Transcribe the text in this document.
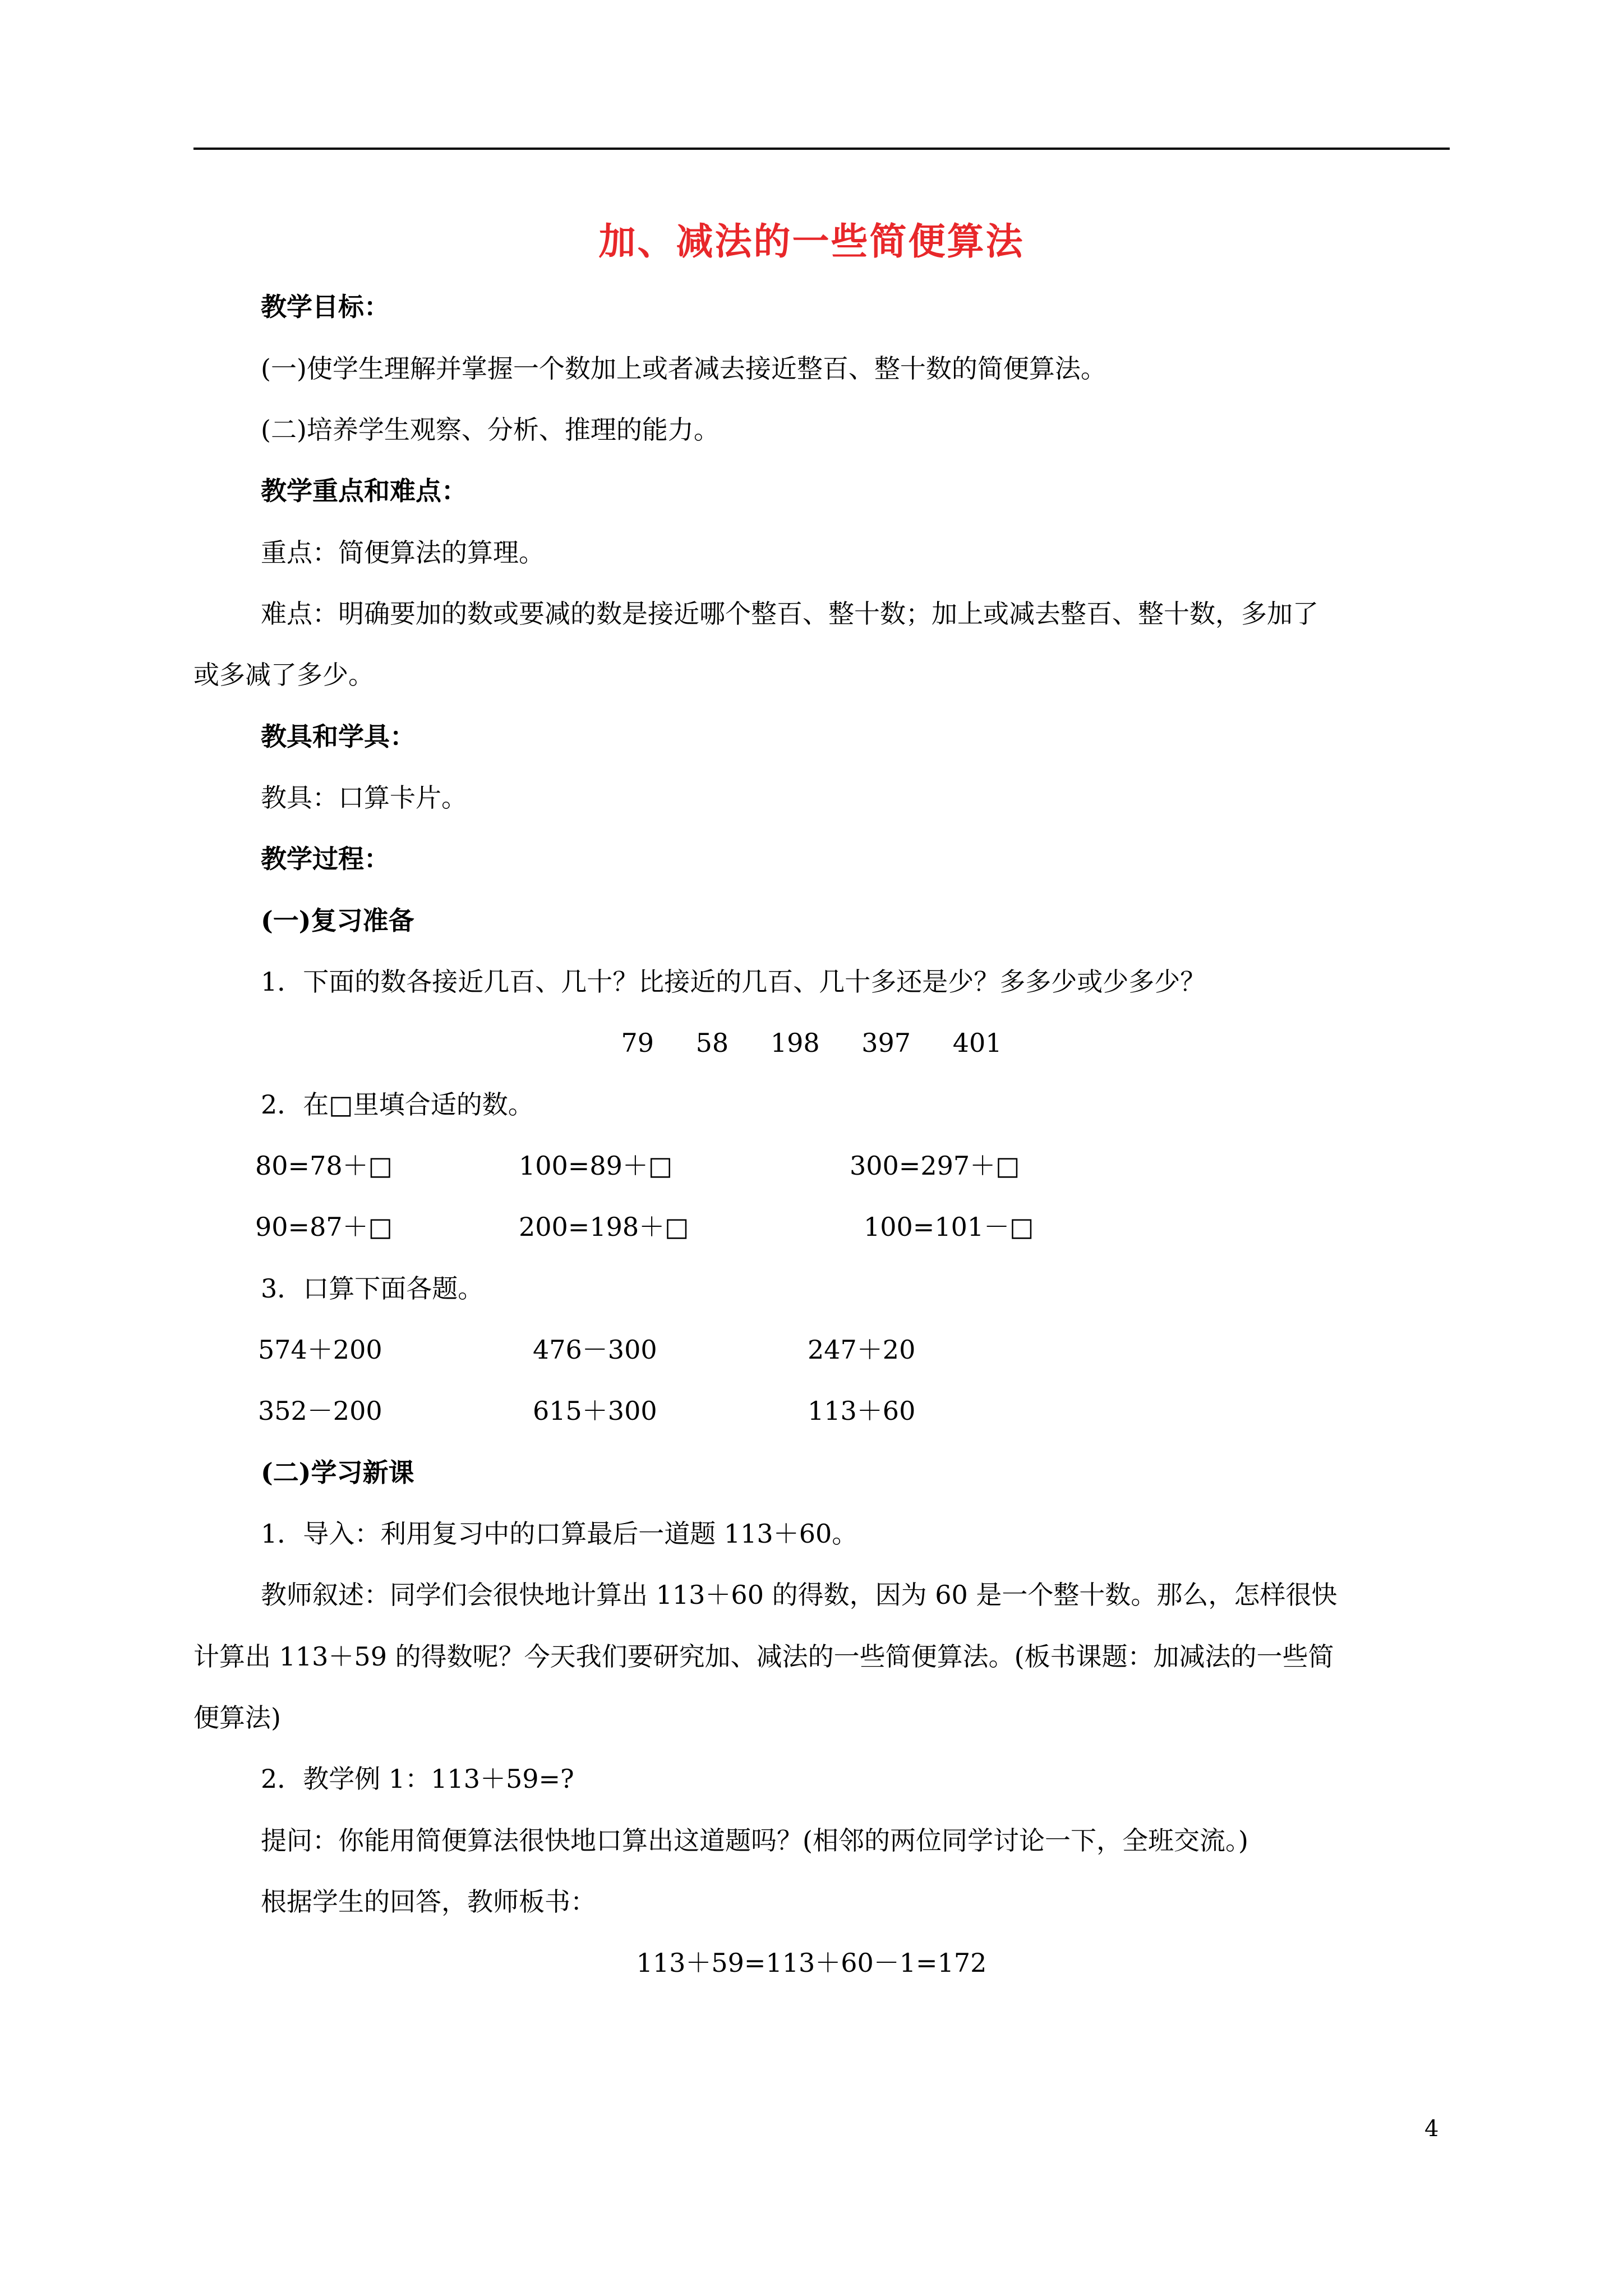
加、减法的一些简便算法
教学目标：
(一)使学生理解并掌握一个数加上或者减去接近整百、整十数的简便算法。
(二)培养学生观察、分析、推理的能力。
教学重点和难点：
重点：简便算法的算理。
难点：明确要加的数或要减的数是接近哪个整百、整十数；加上或减去整百、整十数，多加了
或多减了多少。
教具和学具：
教具：口算卡片。
教学过程：
(一)复习准备
1．下面的数各接近几百、几十？比接近的几百、几十多还是少？多多少或少多少？
79 58 198 397 401
2．在□里填合适的数。
80=78＋□	100=89＋□	300=297＋□
90=87＋□	200=198＋□	100=101－□
3．口算下面各题。
574＋200	476－300	247＋20
352－200	615＋300	113＋60
(二)学习新课
1．导入：利用复习中的口算最后一道题 113＋60。
教师叙述：同学们会很快地计算出 113＋60 的得数，因为 60 是一个整十数。那么，怎样很快
计算出 113＋59 的得数呢？今天我们要研究加、减法的一些简便算法。(板书课题：加减法的一些简
便算法)
2．教学例 1：113＋59=?
提问：你能用简便算法很快地口算出这道题吗？(相邻的两位同学讨论一下，全班交流。)
根据学生的回答，教师板书：
113＋59=113＋60－1=172
4
